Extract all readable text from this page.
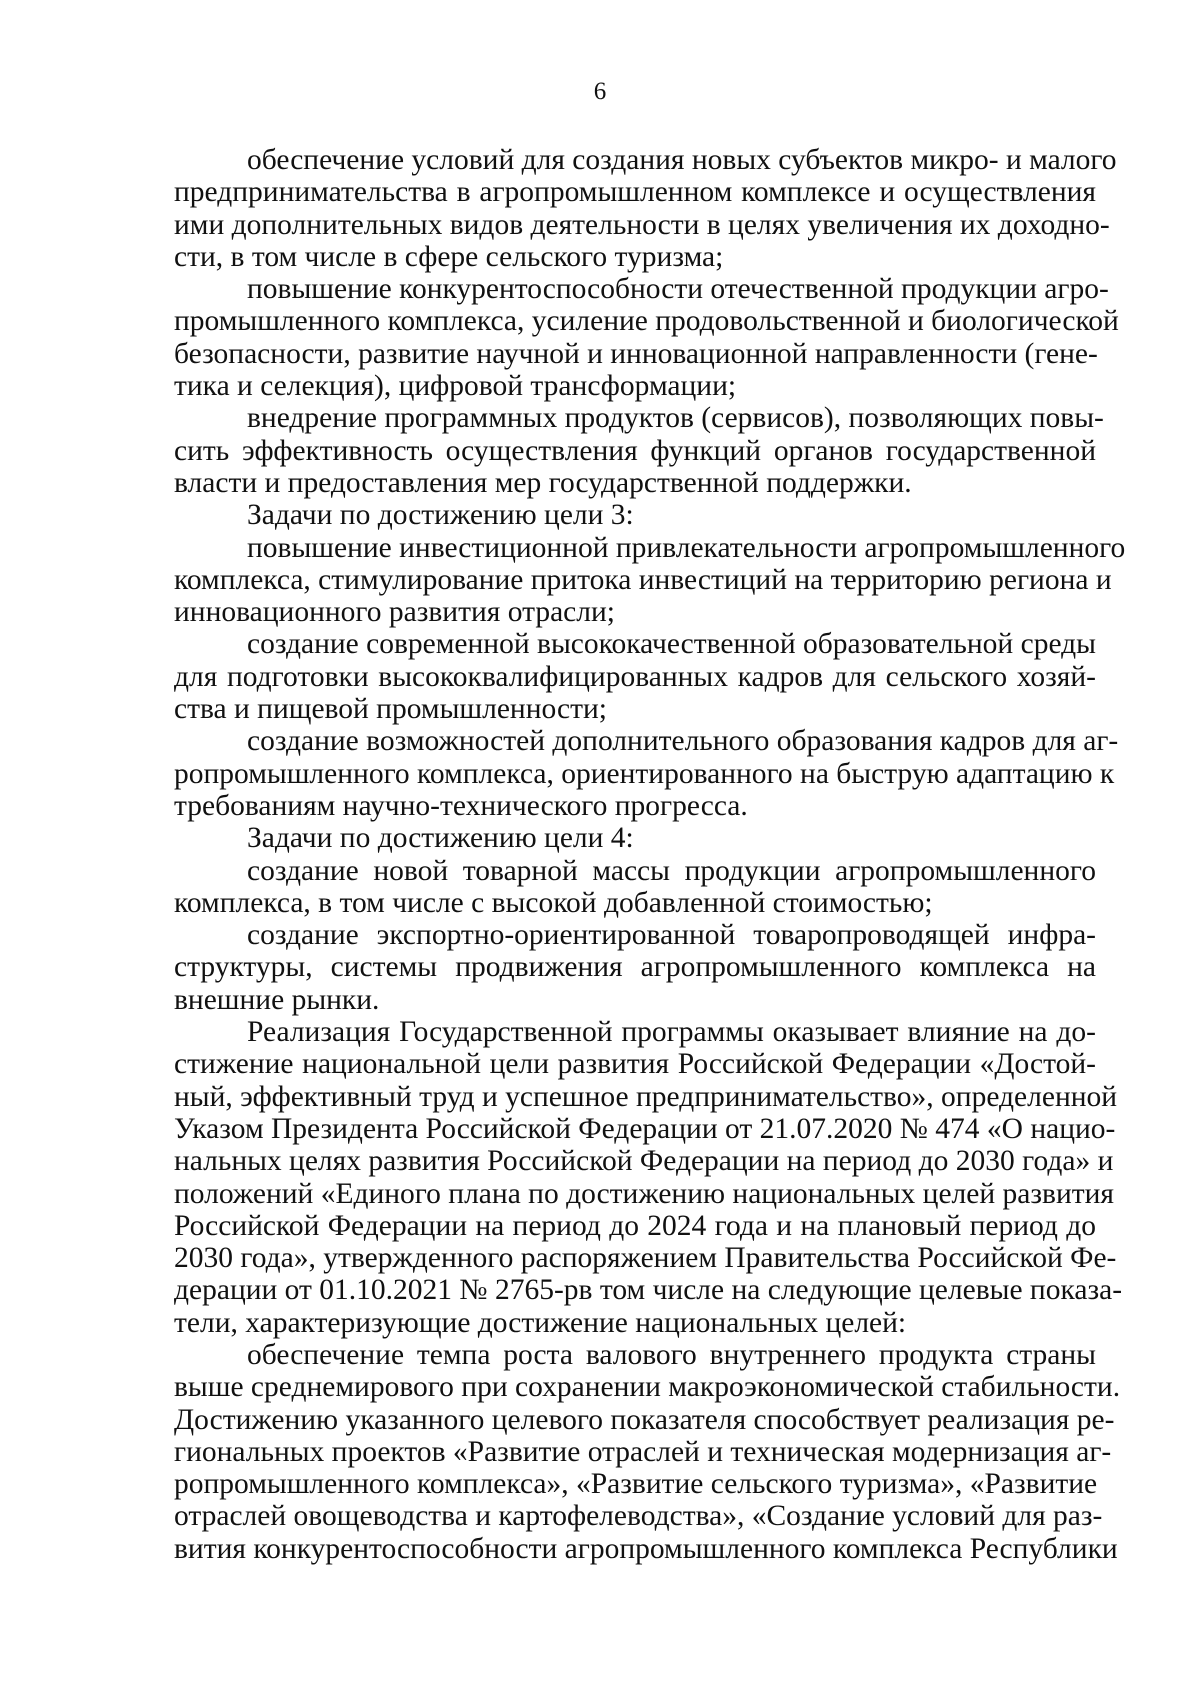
6
обеспечение условий для создания новых субъектов микро- и малого
предпринимательства в агропромышленном комплексе и осуществления
ими дополнительных видов деятельности в целях увеличения их доходно-
сти, в том числе в сфере сельского туризма;
повышение конкурентоспособности отечественной продукции агро-
промышленного комплекса, усиление продовольственной и биологической
безопасности, развитие научной и инновационной направленности (гене-
тика и селекция), цифровой трансформации;
внедрение программных продуктов (сервисов), позволяющих повы-
сить эффективность осуществления функций органов государственной
власти и предоставления мер государственной поддержки.
Задачи по достижению цели 3:
повышение инвестиционной привлекательности агропромышленного
комплекса, стимулирование притока инвестиций на территорию региона и
инновационного развития отрасли;
создание современной высококачественной образовательной среды
для подготовки высококвалифицированных кадров для сельского хозяй-
ства и пищевой промышленности;
создание возможностей дополнительного образования кадров для аг-
ропромышленного комплекса, ориентированного на быструю адаптацию к
требованиям научно-технического прогресса.
Задачи по достижению цели 4:
создание новой товарной массы продукции агропромышленного
комплекса, в том числе с высокой добавленной стоимостью;
создание экспортно-ориентированной товаропроводящей инфра-
структуры, системы продвижения агропромышленного комплекса на
внешние рынки.
Реализация Государственной программы оказывает влияние на до-
стижение национальной цели развития Российской Федерации «Достой-
ный, эффективный труд и успешное предпринимательство», определенной
Указом Президента Российской Федерации от 21.07.2020 № 474 «О нацио-
нальных целях развития Российской Федерации на период до 2030 года» и
положений «Единого плана по достижению национальных целей развития
Российской Федерации на период до 2024 года и на плановый период до
2030 года», утвержденного распоряжением Правительства Российской Фе-
дерации от 01.10.2021 № 2765-рв том числе на следующие целевые показа-
тели, характеризующие достижение национальных целей:
обеспечение темпа роста валового внутреннего продукта страны
выше среднемирового при сохранении макроэкономической стабильности.
Достижению указанного целевого показателя способствует реализация ре-
гиональных проектов «Развитие отраслей и техническая модернизация аг-
ропромышленного комплекса», «Развитие сельского туризма», «Развитие
отраслей овощеводства и картофелеводства», «Создание условий для раз-
вития конкурентоспособности агропромышленного комплекса Республики
